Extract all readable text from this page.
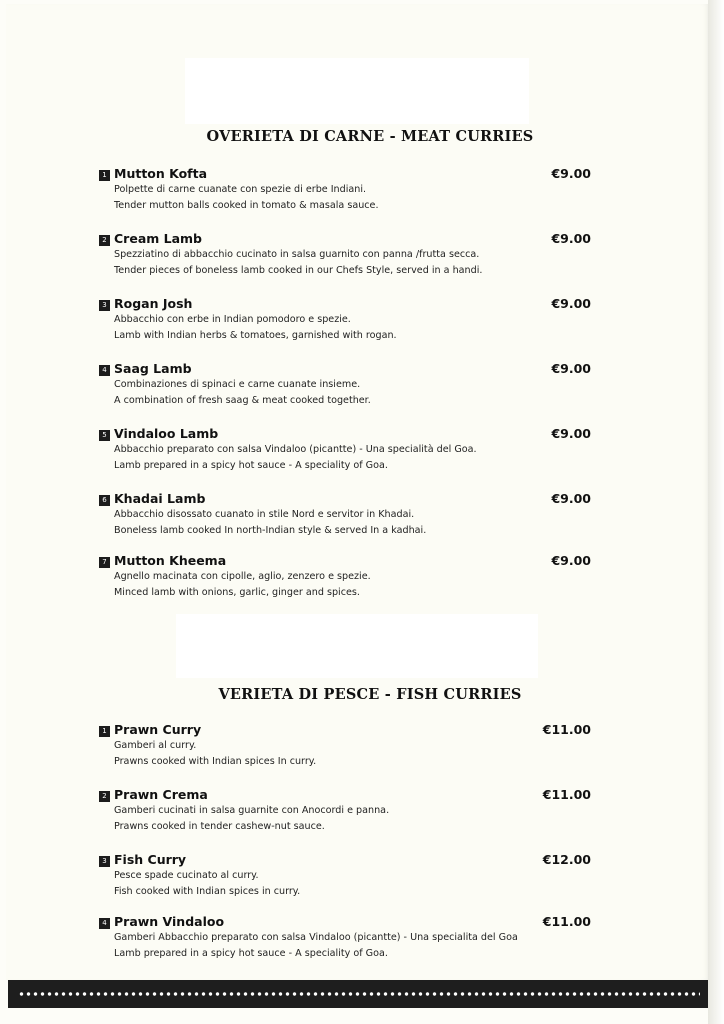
OVERIETA DI CARNE - MEAT CURRIES
1 Mutton Kofta	€9.00
Polpette di carne cuanate con spezie di erbe Indiani.
Tender mutton balls cooked in tomato & masala sauce.
2 Cream Lamb	€9.00
Spezziatino di abbacchio cucinato in salsa guarnito con panna /frutta secca.
Tender pieces of boneless lamb cooked in our Chefs Style, served in a handi.
3 Rogan Josh	€9.00
Abbacchio con erbe in Indian pomodoro e spezie.
Lamb with Indian herbs & tomatoes, garnished with rogan.
4 Saag Lamb	€9.00
Combinaziones di spinaci e carne cuanate insieme.
A combination of fresh saag & meat cooked together.
5 Vindaloo Lamb	€9.00
Abbacchio preparato con salsa Vindaloo (picantte) - Una specialità del Goa.
Lamb prepared in a spicy hot sauce - A speciality of Goa.
6 Khadai Lamb	€9.00
Abbacchio disossato cuanato in stile Nord e servitor in Khadai.
Boneless lamb cooked In north-Indian style & served In a kadhai.
7 Mutton Kheema	€9.00
Agnello macinata con cipolle, aglio, zenzero e spezie.
Minced lamb with onions, garlic, ginger and spices.
VERIETA DI PESCE - FISH CURRIES
1 Prawn Curry	€11.00
Gamberi al curry.
Prawns cooked with Indian spices In curry.
2 Prawn Crema	€11.00
Gamberi cucinati in salsa guarnite con Anocordi e panna.
Prawns cooked in tender cashew-nut sauce.
3 Fish Curry	€12.00
Pesce spade cucinato al curry.
Fish cooked with Indian spices in curry.
4 Prawn Vindaloo	€11.00
Gamberi Abbacchio preparato con salsa Vindaloo (picantte) - Una specialita del Goa
Lamb prepared in a spicy hot sauce - A speciality of Goa.
